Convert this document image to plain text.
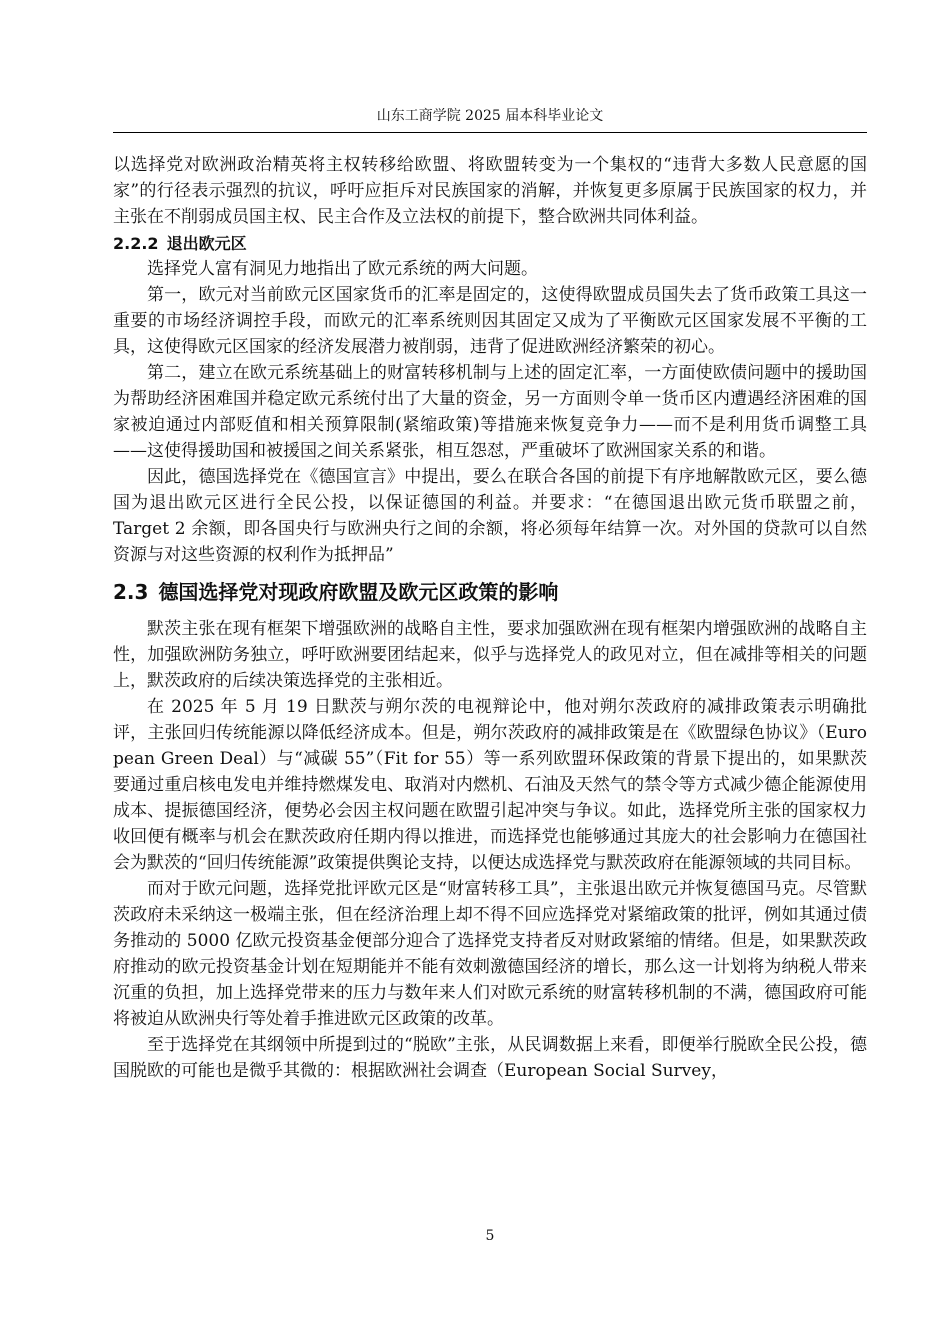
山东工商学院 2025 届本科毕业论文

以选择党对欧洲政治精英将主权转移给欧盟、将欧盟转变为一个集权的“违背大多数人民意愿的国家”的行径表示强烈的抗议，呼吁应拒斥对民族国家的消解，并恢复更多原属于民族国家的权力，并主张在不削弱成员国主权、民主合作及立法权的前提下，整合欧洲共同体利益。

2.2.2 退出欧元区

选择党人富有洞见力地指出了欧元系统的两大问题。

第一，欧元对当前欧元区国家货币的汇率是固定的，这使得欧盟成员国失去了货币政策工具这一重要的市场经济调控手段，而欧元的汇率系统则因其固定又成为了平衡欧元区国家发展不平衡的工具，这使得欧元区国家的经济发展潜力被削弱，违背了促进欧洲经济繁荣的初心。

第二，建立在欧元系统基础上的财富转移机制与上述的固定汇率，一方面使欧债问题中的援助国为帮助经济困难国并稳定欧元系统付出了大量的资金，另一方面则令单一货币区内遭遇经济困难的国家被迫通过内部贬值和相关预算限制(紧缩政策)等措施来恢复竞争力——而不是利用货币调整工具——这使得援助国和被援国之间关系紧张，相互怨怼，严重破坏了欧洲国家关系的和谐。

因此，德国选择党在《德国宣言》中提出，要么在联合各国的前提下有序地解散欧元区，要么德国为退出欧元区进行全民公投，以保证德国的利益。并要求：“在德国退出欧元货币联盟之前，Target 2 余额，即各国央行与欧洲央行之间的余额，将必须每年结算一次。对外国的贷款可以自然资源与对这些资源的权利作为抵押品”

2.3 德国选择党对现政府欧盟及欧元区政策的影响

默茨主张在现有框架下增强欧洲的战略自主性，要求加强欧洲在现有框架内增强欧洲的战略自主性，加强欧洲防务独立，呼吁欧洲要团结起来，似乎与选择党人的政见对立，但在减排等相关的问题上，默茨政府的后续决策选择党的主张相近。

在 2025 年 5 月 19 日默茨与朔尔茨的电视辩论中，他对朔尔茨政府的减排政策表示明确批评，主张回归传统能源以降低经济成本。但是，朔尔茨政府的减排政策是在《欧盟绿色协议》（Euro pean Green Deal）与“减碳 55”（Fit for 55）等一系列欧盟环保政策的背景下提出的，如果默茨要通过重启核电发电并维持燃煤发电、取消对内燃机、石油及天然气的禁令等方式减少德企能源使用成本、提振德国经济，便势必会因主权问题在欧盟引起冲突与争议。如此，选择党所主张的国家权力收回便有概率与机会在默茨政府任期内得以推进，而选择党也能够通过其庞大的社会影响力在德国社会为默茨的“回归传统能源”政策提供舆论支持，以便达成选择党与默茨政府在能源领域的共同目标。

而对于欧元问题，选择党批评欧元区是“财富转移工具”，主张退出欧元并恢复德国马克。尽管默茨政府未采纳这一极端主张，但在经济治理上却不得不回应选择党对紧缩政策的批评，例如其通过债务推动的 5000 亿欧元投资基金便部分迎合了选择党支持者反对财政紧缩的情绪。但是，如果默茨政府推动的欧元投资基金计划在短期能并不能有效刺激德国经济的增长，那么这一计划将为纳税人带来沉重的负担，加上选择党带来的压力与数年来人们对欧元系统的财富转移机制的不满，德国政府可能将被迫从欧洲央行等处着手推进欧元区政策的改革。

至于选择党在其纲领中所提到过的“脱欧”主张，从民调数据上来看，即便举行脱欧全民公投，德国脱欧的可能也是微乎其微的：根据欧洲社会调查（European Social Survey，

5
